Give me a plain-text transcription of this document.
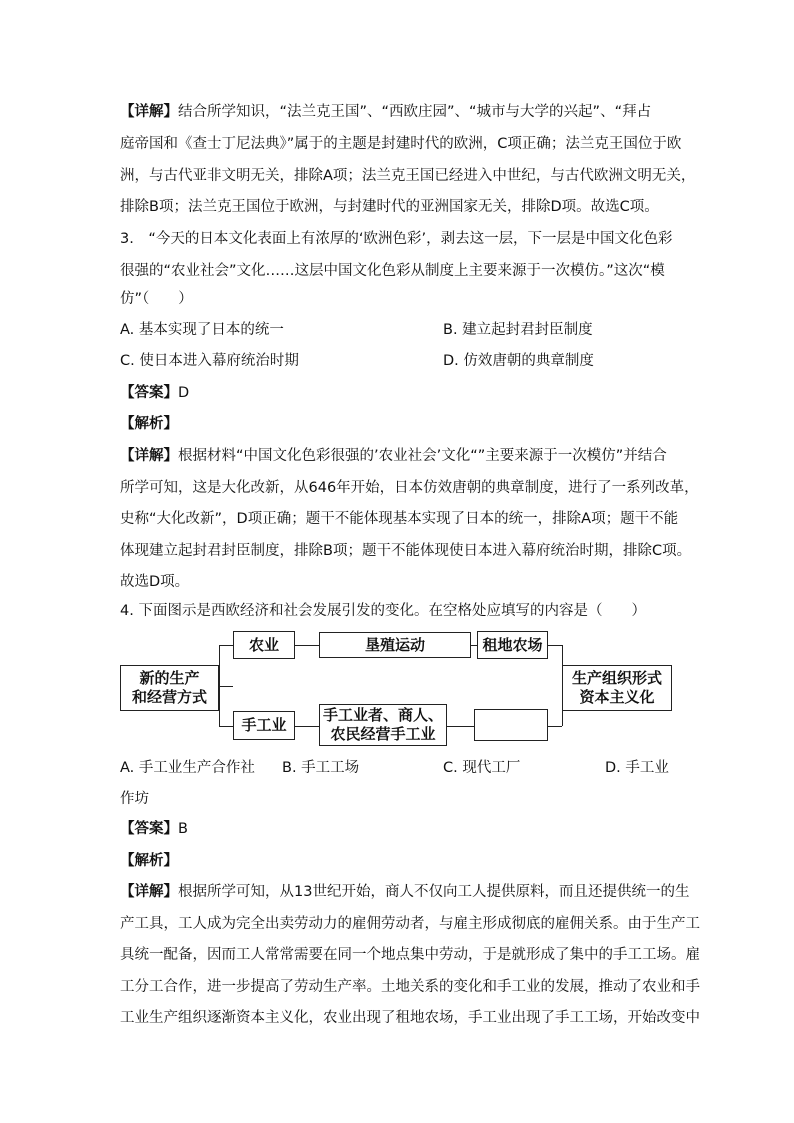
【详解】结合所学知识，“法兰克王国”、“西欧庄园”、“城市与大学的兴起”、“拜占
庭帝国和《查士丁尼法典》”属于的主题是封建时代的欧洲，C项正确；法兰克王国位于欧
洲，与古代亚非文明无关，排除A项；法兰克王国已经进入中世纪，与古代欧洲文明无关，
排除B项；法兰克王国位于欧洲，与封建时代的亚洲国家无关，排除D项。故选C项。
3.　“今天的日本文化表面上有浓厚的‘欧洲色彩’，剥去这一层，下一层是中国文化色彩
很强的“农业社会”文化……这层中国文化色彩从制度上主要来源于一次模仿。”这次“模
仿”（　　）
A. 基本实现了日本的统一	B. 建立起封君封臣制度
C. 使日本进入幕府统治时期	D. 仿效唐朝的典章制度
【答案】D
【解析】
【详解】根据材料“中国文化色彩很强的’农业社会’文化“”主要来源于一次模仿”并结合
所学可知，这是大化改新，从646年开始，日本仿效唐朝的典章制度，进行了一系列改革，
史称“大化改新”，D项正确；题干不能体现基本实现了日本的统一，排除A项；题干不能
体现建立起封君封臣制度，排除B项；题干不能体现使日本进入幕府统治时期，排除C项。
故选D项。
4. 下面图示是西欧经济和社会发展引发的变化。在空格处应填写的内容是（　　）
新的生产
和经营方式
农业	垦殖运动	租地农场
手工业
手工业者、商人、
农民经营手工业
生产组织形式
资本主义化
A. 手工业生产合作社 B. 手工工场	C. 现代工厂	D. 手工业
作坊
【答案】B
【解析】
【详解】根据所学可知，从13世纪开始，商人不仅向工人提供原料，而且还提供统一的生
产工具，工人成为完全出卖劳动力的雇佣劳动者，与雇主形成彻底的雇佣关系。由于生产工
具统一配备，因而工人常常需要在同一个地点集中劳动，于是就形成了集中的手工工场。雇
工分工合作，进一步提高了劳动生产率。土地关系的变化和手工业的发展，推动了农业和手
工业生产组织逐渐资本主义化，农业出现了租地农场，手工业出现了手工工场，开始改变中
